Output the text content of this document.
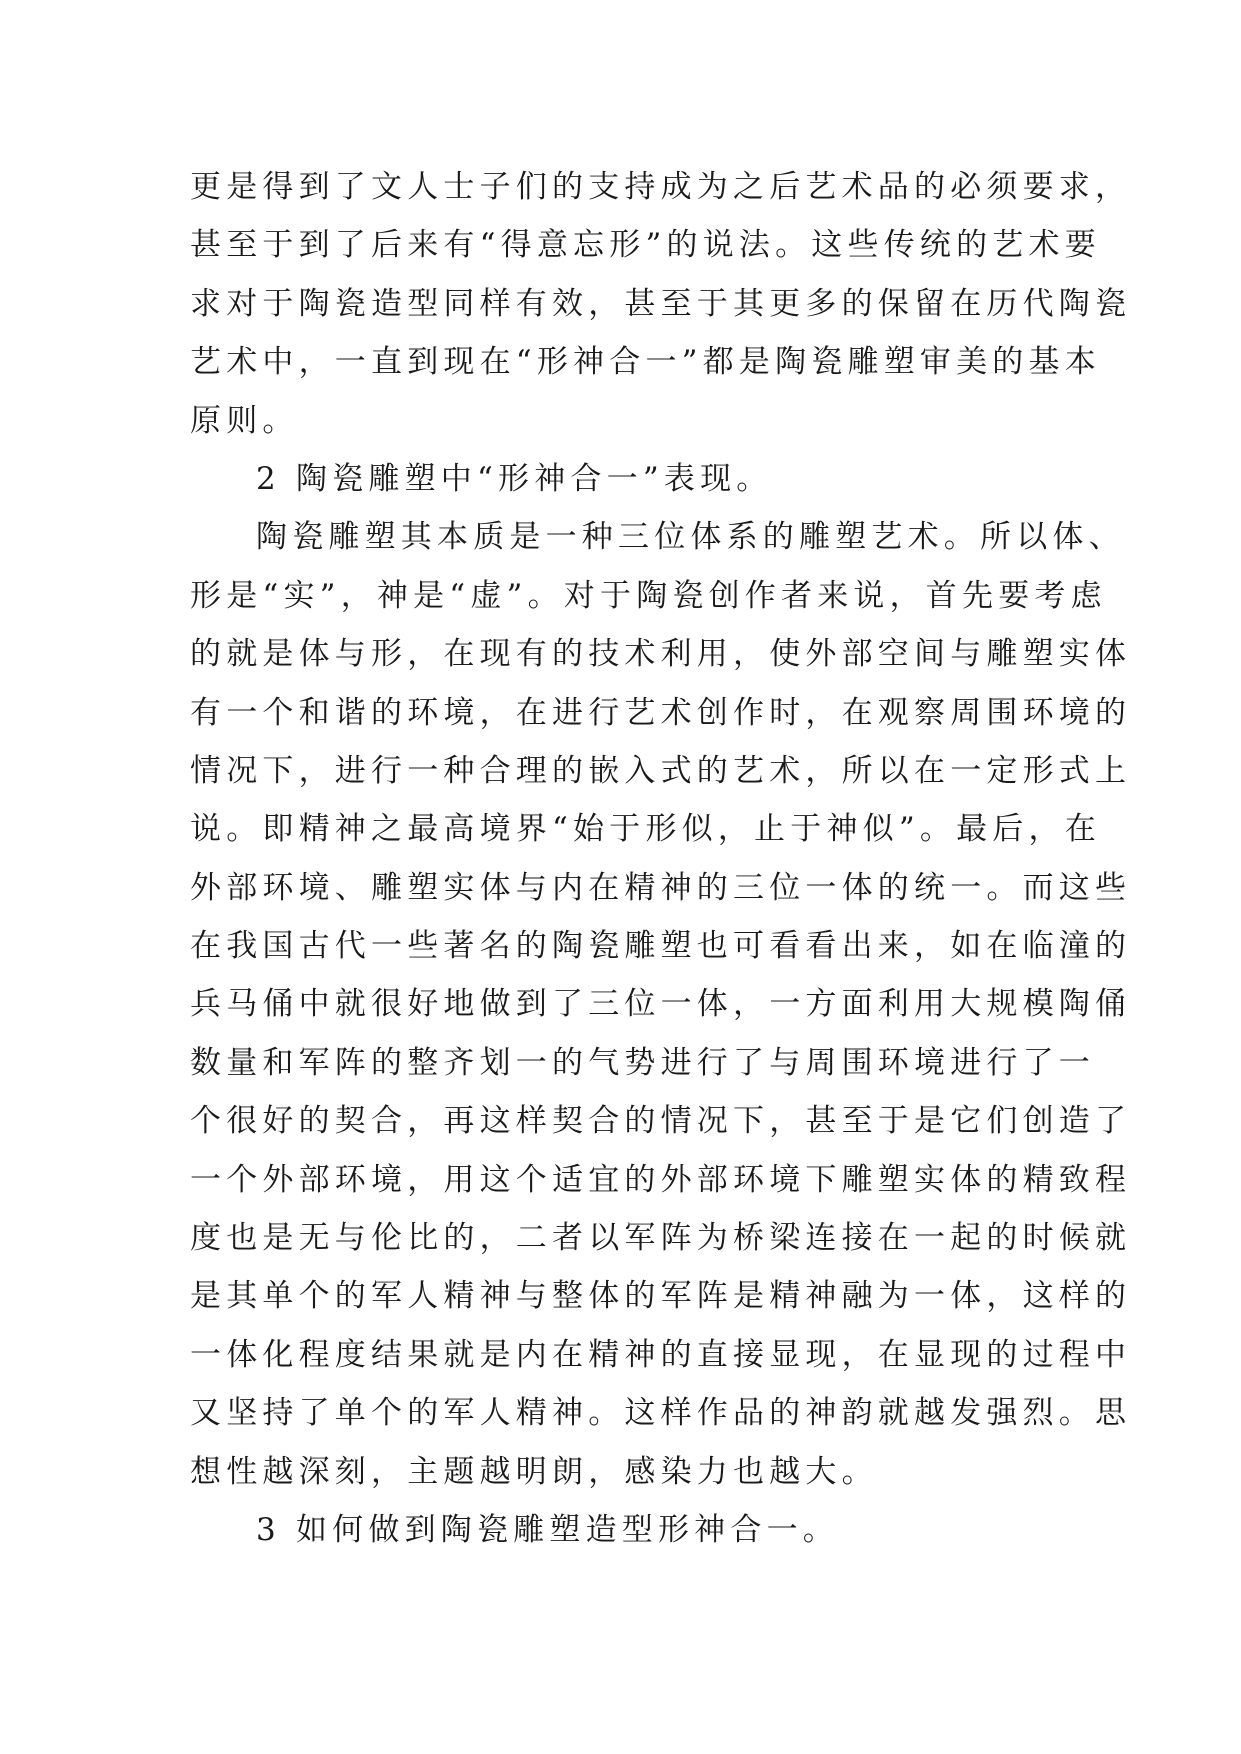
更是得到了文人士子们的支持成为之后艺术品的必须要求，
甚至于到了后来有“得意忘形”的说法。这些传统的艺术要
求对于陶瓷造型同样有效，甚至于其更多的保留在历代陶瓷
艺术中，一直到现在“形神合一”都是陶瓷雕塑审美的基本
原则。
2 陶瓷雕塑中“形神合一”表现。
陶瓷雕塑其本质是一种三位体系的雕塑艺术。所以体、
形是“实”，神是“虚”。对于陶瓷创作者来说，首先要考虑
的就是体与形，在现有的技术利用，使外部空间与雕塑实体
有一个和谐的环境，在进行艺术创作时，在观察周围环境的
情况下，进行一种合理的嵌入式的艺术，所以在一定形式上
说。即精神之最高境界“始于形似，止于神似”。最后，在
外部环境、雕塑实体与内在精神的三位一体的统一。而这些
在我国古代一些著名的陶瓷雕塑也可看看出来，如在临潼的
兵马俑中就很好地做到了三位一体，一方面利用大规模陶俑
数量和军阵的整齐划一的气势进行了与周围环境进行了一
个很好的契合，再这样契合的情况下，甚至于是它们创造了
一个外部环境，用这个适宜的外部环境下雕塑实体的精致程
度也是无与伦比的，二者以军阵为桥梁连接在一起的时候就
是其单个的军人精神与整体的军阵是精神融为一体，这样的
一体化程度结果就是内在精神的直接显现，在显现的过程中
又坚持了单个的军人精神。这样作品的神韵就越发强烈。思
想性越深刻，主题越明朗，感染力也越大。
3 如何做到陶瓷雕塑造型形神合一。
